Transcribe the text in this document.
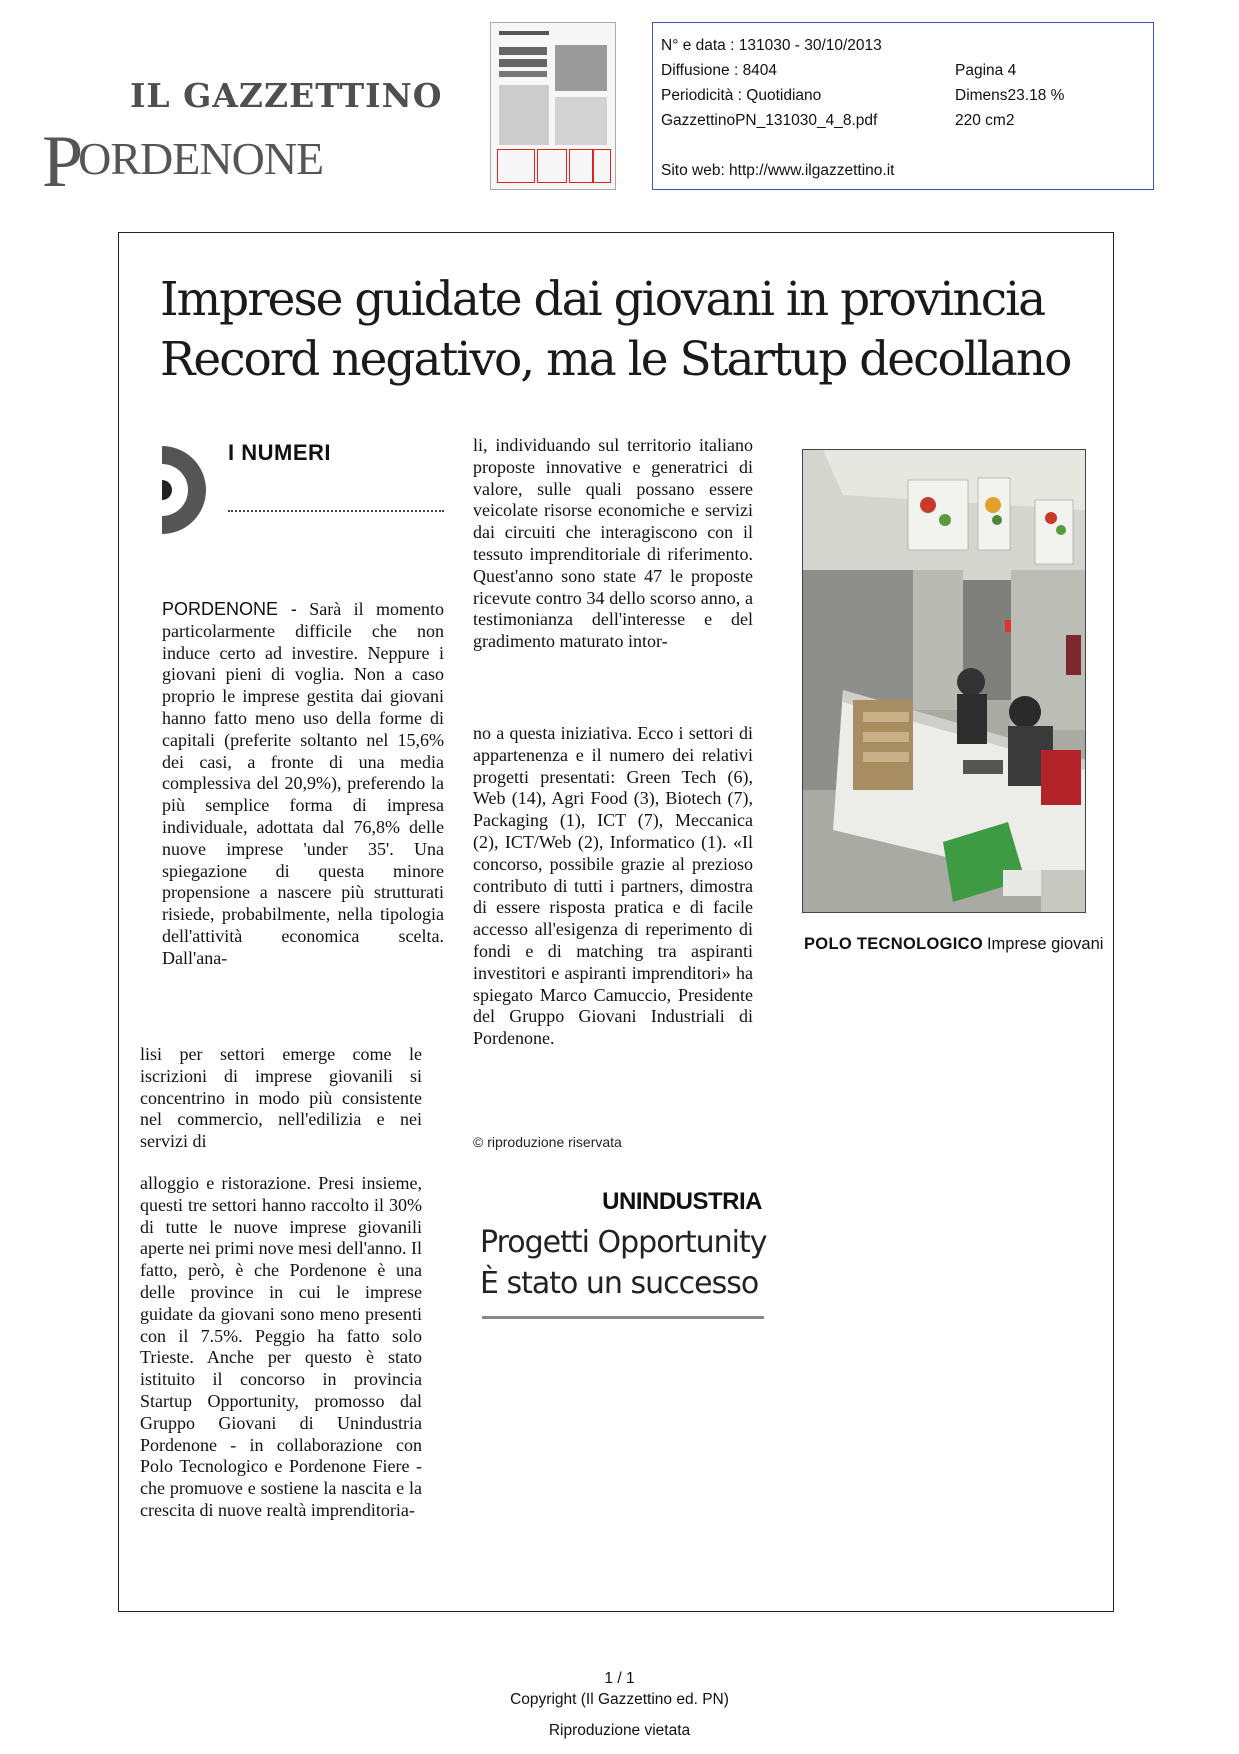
IL GAZZETTINO
PORDENONE
N° e data : 131030 - 30/10/2013
Diffusione : 8404
Periodicità : Quotidiano
GazzettinoPN_131030_4_8.pdf
Sito web: http://www.ilgazzettino.it
Pagina 4
Dimens23.18 %
220 cm2
Imprese guidate dai giovani in provincia
Record negativo, ma le Startup decollano
I NUMERI

PORDENONE - Sarà il momento particolarmente difficile che non induce certo ad investire. Neppure i giovani pieni di voglia. Non a caso proprio le imprese gestita dai giovani hanno fatto meno uso della forme di capitali (preferite soltanto nel 15,6% dei casi, a fronte di una media complessiva del 20,9%), preferendo la più semplice forma di impresa individuale, adottata dal 76,8% delle nuove imprese 'under 35'. Una spiegazione di questa minore propensione a nascere più strutturati risiede, probabilmente, nella tipologia dell'attività economica scelta. Dall'ana-

lisi per settori emerge come le iscrizioni di imprese giovanili si concentrino in modo più consistente nel commercio, nell'edilizia e nei servizi di

alloggio e ristorazione. Presi insieme, questi tre settori hanno raccolto il 30% di tutte le nuove imprese giovanili aperte nei primi nove mesi dell'anno. Il fatto, però, è che Pordenone è una delle province in cui le imprese guidate da giovani sono meno presenti con il 7.5%. Peggio ha fatto solo Trieste. Anche per questo è stato istituito il concorso in provincia Startup Opportunity, promosso dal Gruppo Giovani di Unindustria Pordenone - in collaborazione con Polo Tecnologico e Pordenone Fiere - che promuove e sostiene la nascita e la crescita di nuove realtà imprenditoria-

li, individuando sul territorio italiano proposte innovative e generatrici di valore, sulle quali possano essere veicolate risorse economiche e servizi dai circuiti che interagiscono con il tessuto imprenditoriale di riferimento. Quest'anno sono state 47 le proposte ricevute contro 34 dello scorso anno, a testimonianza dell'interesse e del gradimento maturato intor-

no a questa iniziativa. Ecco i settori di appartenenza e il numero dei relativi progetti presentati: Green Tech (6), Web (14), Agri Food (3), Biotech (7), Packaging (1), ICT (7), Meccanica (2), ICT/Web (2), Informatico (1). «Il concorso, possibile grazie al prezioso contributo di tutti i partners, dimostra di essere risposta pratica e di facile accesso all'esigenza di reperimento di fondi e di matching tra aspiranti investitori e aspiranti imprenditori» ha spiegato Marco Camuccio, Presidente del Gruppo Giovani Industriali di Pordenone.

© riproduzione riservata
UNINDUSTRIA
Progetti Opportunity
È stato un successo
POLO TECNOLOGICO Imprese giovani
1 / 1
Copyright (Il Gazzettino ed. PN)
Riproduzione vietata
